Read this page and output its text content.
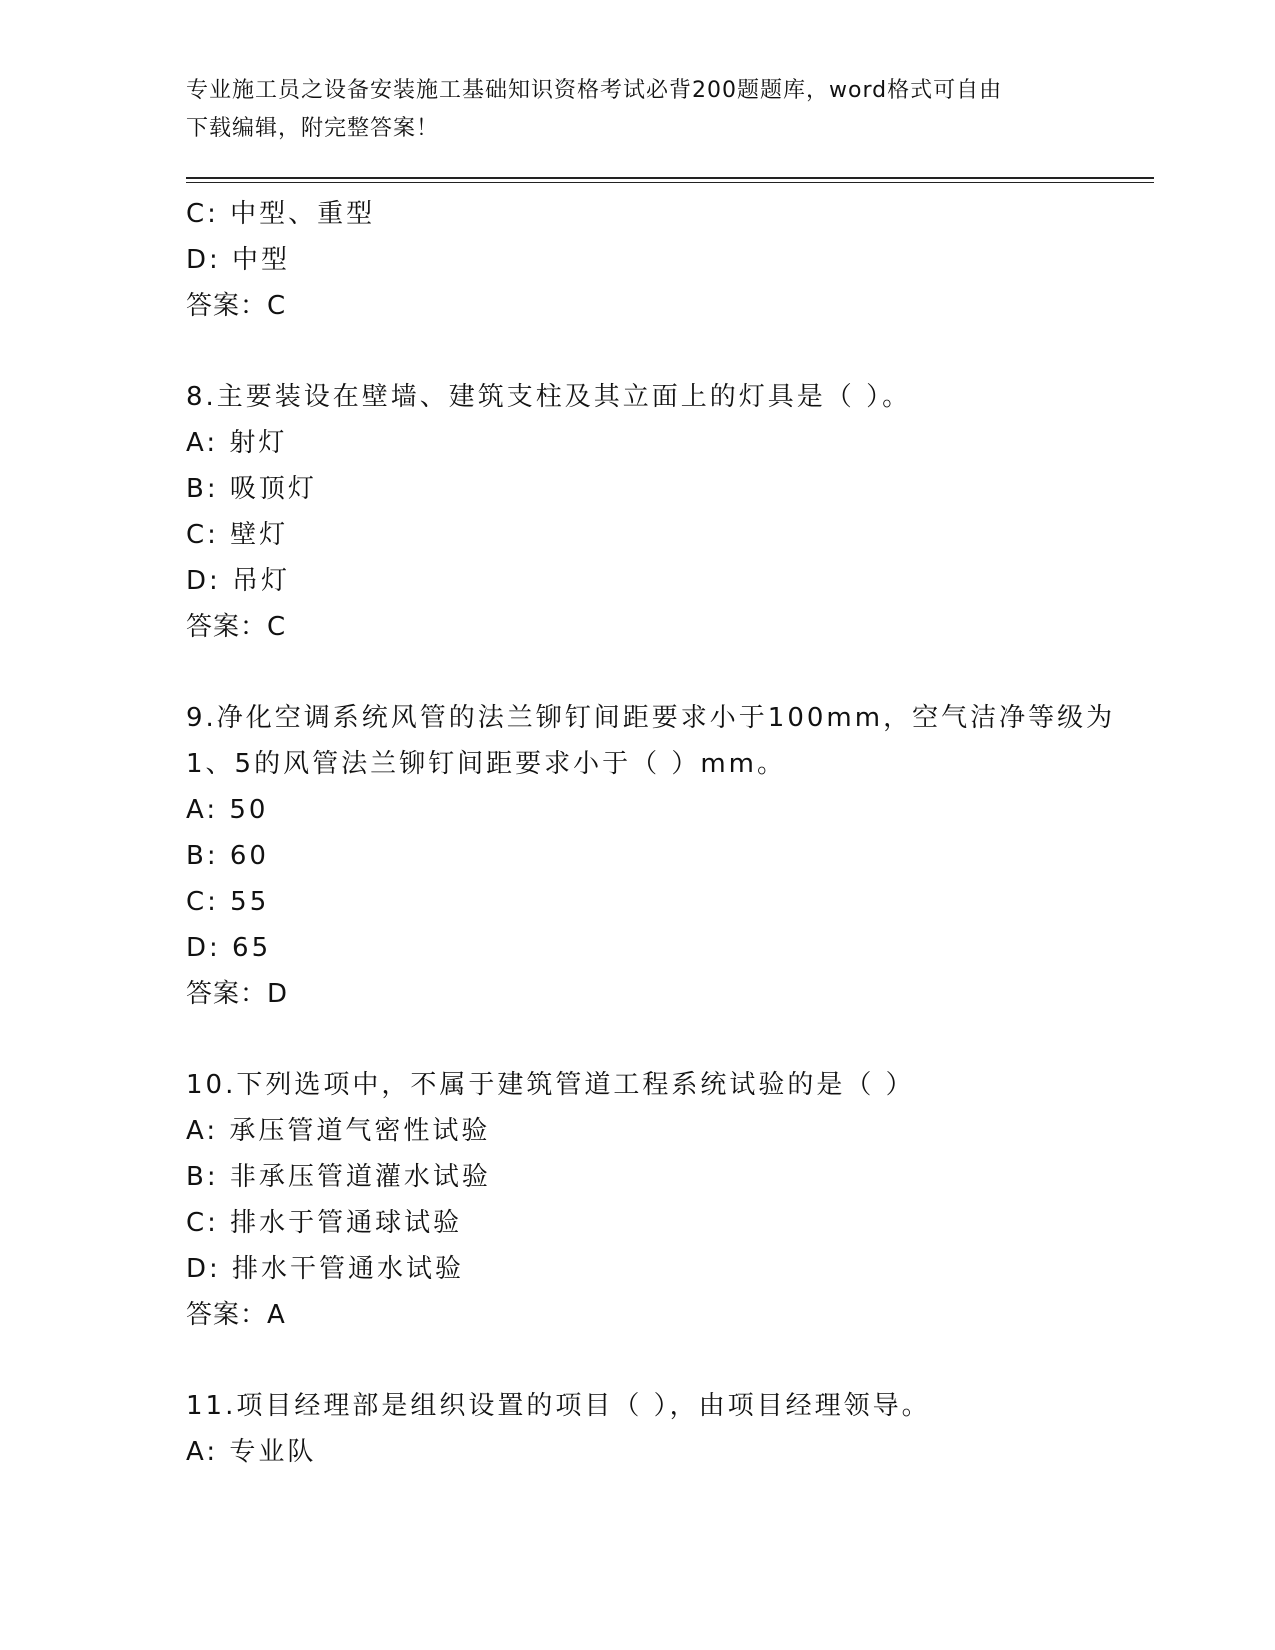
专业施工员之设备安装施工基础知识资格考试必背200题题库，word格式可自由
下载编辑，附完整答案！
C: 中型、重型
D: 中型
答案：C
8.主要装设在壁墙、建筑支柱及其立面上的灯具是（ ）。
A: 射灯
B: 吸顶灯
C: 壁灯
D: 吊灯
答案：C
9.净化空调系统风管的法兰铆钉间距要求小于100mm，空气洁净等级为
1、5的风管法兰铆钉间距要求小于（ ）mm。
A: 50
B: 60
C: 55
D: 65
答案：D
10.下列选项中，不属于建筑管道工程系统试验的是（ ）
A: 承压管道气密性试验
B: 非承压管道灌水试验
C: 排水于管通球试验
D: 排水干管通水试验
答案：A
11.项目经理部是组织设置的项目（ ），由项目经理领导。
A: 专业队
